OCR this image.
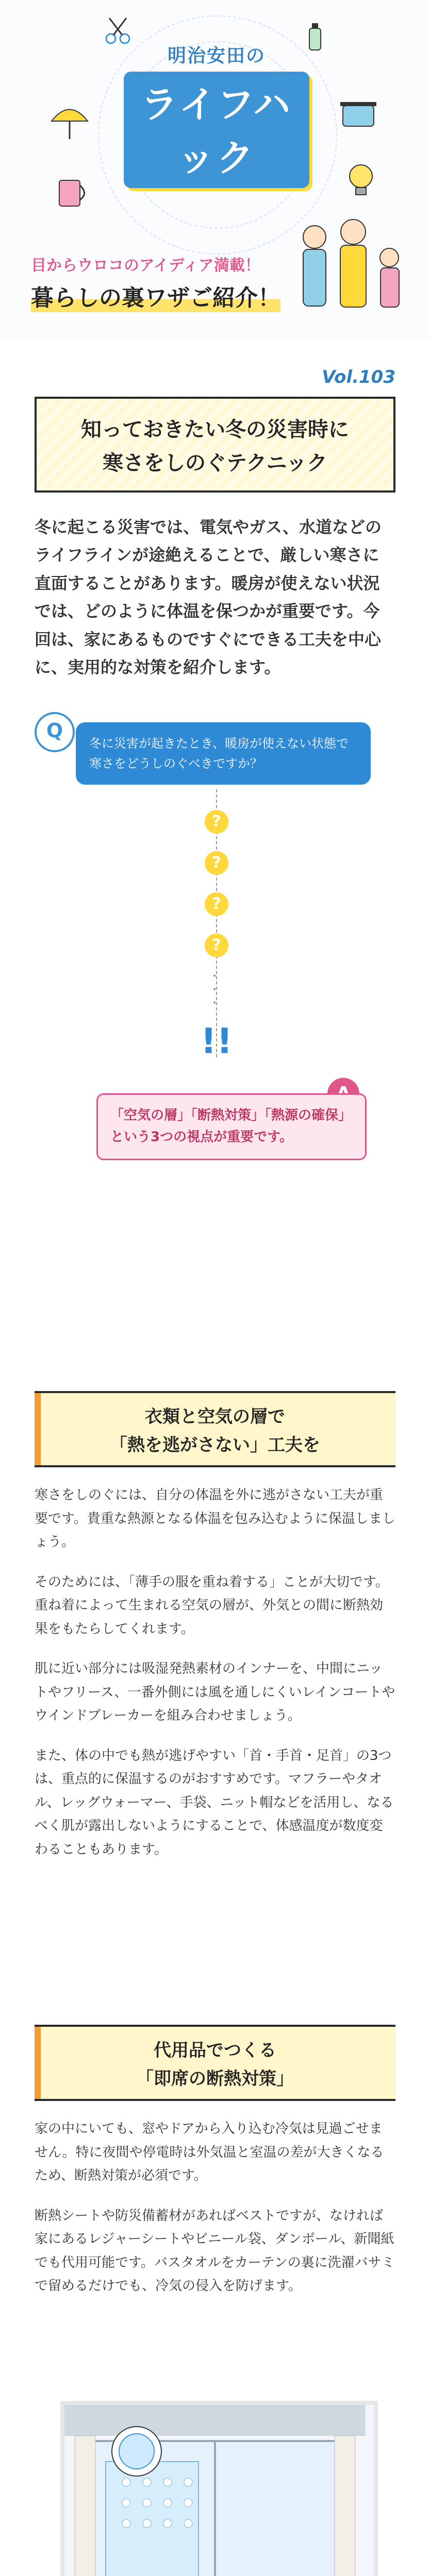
明治安田の
ライフハック
目からウロコのアイディア満載！
暮らしの裏ワザご紹介！
Vol.103
知っておきたい冬の災害時に
寒さをしのぐテクニック
冬に起こる災害では、電気やガス、水道などのライフラインが途絶えることで、厳しい寒さに直面することがあります。暖房が使えない状況では、どのように体温を保つかが重要です。今回は、家にあるものですぐにできる工夫を中心に、実用的な対策を紹介します。
Q
冬に災害が起きたとき、暖房が使えない状態で寒さをどうしのぐべきですか？
?
?
?
?
·
·
·
!!
「空気の層」「断熱対策」「熱源の確保」という3つの視点が重要です。
衣類と空気の層で
「熱を逃がさない」工夫を
寒さをしのぐには、自分の体温を外に逃がさない工夫が重要です。貴重な熱源となる体温を包み込むように保温しましょう。
そのためには、「薄手の服を重ね着する」ことが大切です。重ね着によって生まれる空気の層が、外気との間に断熱効果をもたらしてくれます。
肌に近い部分には吸湿発熱素材のインナーを、中間にニットやフリース、一番外側には風を通しにくいレインコートやウインドブレーカーを組み合わせましょう。
また、体の中でも熱が逃げやすい「首・手首・足首」の3つは、重点的に保温するのがおすすめです。マフラーやタオル、レッグウォーマー、手袋、ニット帽などを活用し、なるべく肌が露出しないようにすることで、体感温度が数度変わることもあります。
代用品でつくる
「即席の断熱対策」
家の中にいても、窓やドアから入り込む冷気は見過ごせません。特に夜間や停電時は外気温と室温の差が大きくなるため、断熱対策が必須です。
断熱シートや防災備蓄材があればベストですが、なければ家にあるレジャーシートやビニール袋、ダンボール、新聞紙でも代用可能です。バスタオルをカーテンの裏に洗濯バサミで留めるだけでも、冷気の侵入を防げます。
